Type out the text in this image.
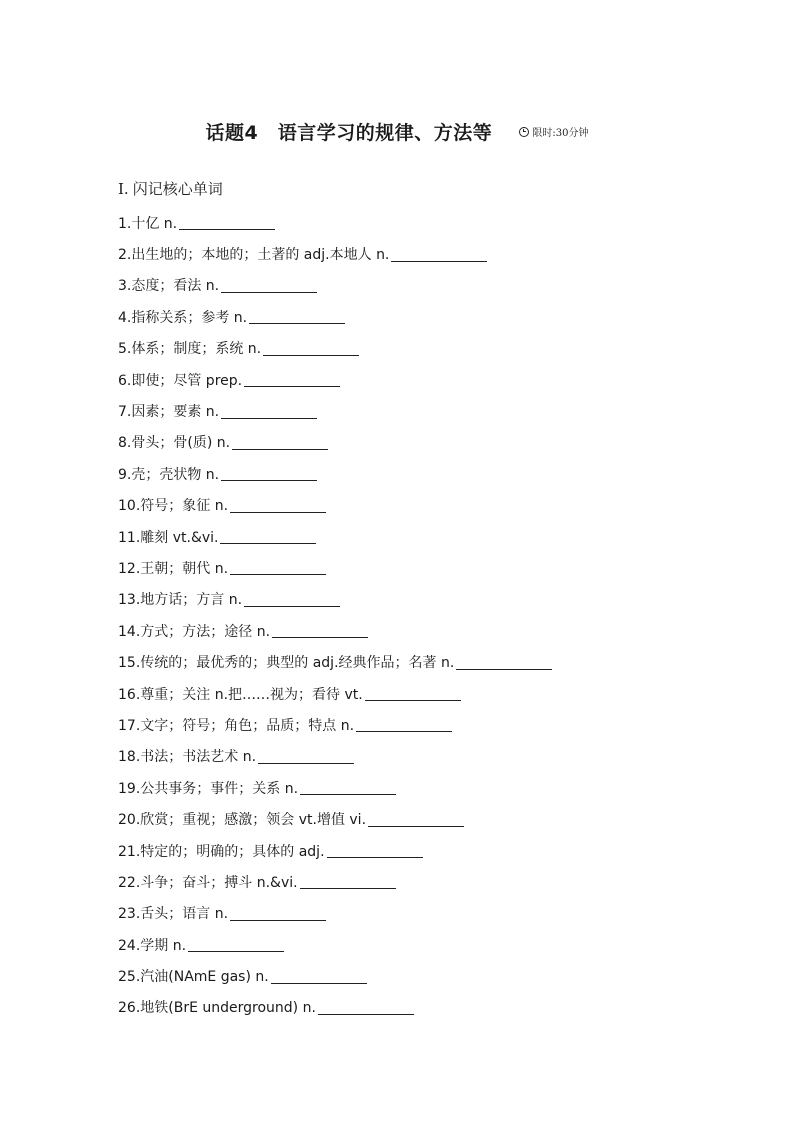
话题4　语言学习的规律、方法等	限时:30分钟
Ⅰ. 闪记核心单词
1.十亿 n.
2.出生地的；本地的；土著的 adj.本地人 n.
3.态度；看法 n.
4.指称关系；参考 n.
5.体系；制度；系统 n.
6.即使；尽管 prep.
7.因素；要素 n.
8.骨头；骨(质) n.
9.壳；壳状物 n.
10.符号；象征 n.
11.雕刻 vt.&vi.
12.王朝；朝代 n.
13.地方话；方言 n.
14.方式；方法；途径 n.
15.传统的；最优秀的；典型的 adj.经典作品；名著 n.
16.尊重；关注 n.把……视为；看待 vt.
17.文字；符号；角色；品质；特点 n.
18.书法；书法艺术 n.
19.公共事务；事件；关系 n.
20.欣赏；重视；感激；领会 vt.增值 vi.
21.特定的；明确的；具体的 adj.
22.斗争；奋斗；搏斗 n.&vi.
23.舌头；语言 n.
24.学期 n.
25.汽油(NAmE gas) n.
26.地铁(BrE underground) n.
